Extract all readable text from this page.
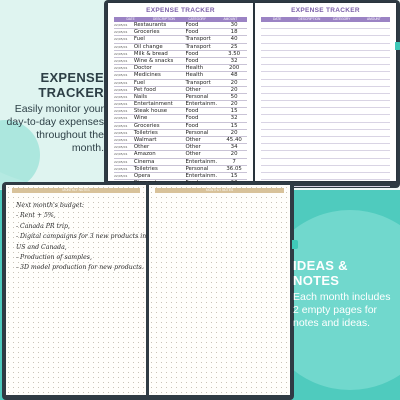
EXPENSE TRACKER

Easily monitor your day-to-day expenses throughout the month.

EXPENSE TRACKER
DATE	DESCRIPTION	CATEGORY	AMOUNT
22/05/01	Restaurants	Food	30
22/05/01	Groceries	Food	18
22/05/01	Fuel	Transport	40
22/05/01	Oil change	Transport	25
22/05/01	Milk & bread	Food	3.50
22/05/01	Wine & snacks	Food	32
22/05/01	Doctor	Health	200
22/05/01	Medicines	Health	48
22/05/01	Fuel	Transport	20
22/05/01	Pet food	Other	20
22/05/01	Nails	Personal	50
22/05/01	Entertainment	Entertainm.	20
22/05/01	Steak house	Food	15
22/05/01	Wine	Food	32
22/05/01	Groceries	Food	15
22/05/01	Toiletries	Personal	20
22/05/01	Walmart	Other	45.40
22/05/01	Other	Other	34
22/05/01	Amazon	Other	20
22/05/01	Cinema	Entertainm.	7
22/05/01	Toiletries	Personal	36.05
22/05/01	Opera	Entertainm.	15
EXPENSE TRACKER
DATE	DESCRIPTION	CATEGORY	AMOUNT
MONTHLY NOTES
Next month's budget:
- Rent + 5%,
- Canada PR trip,
- Digital campaigns for 3 new products in
US and Canada,
- Production of samples,
- 3D model production for new products.
MONTHLY NOTES
IDEAS & NOTES

Each month includes 2 empty pages for notes and ideas.
